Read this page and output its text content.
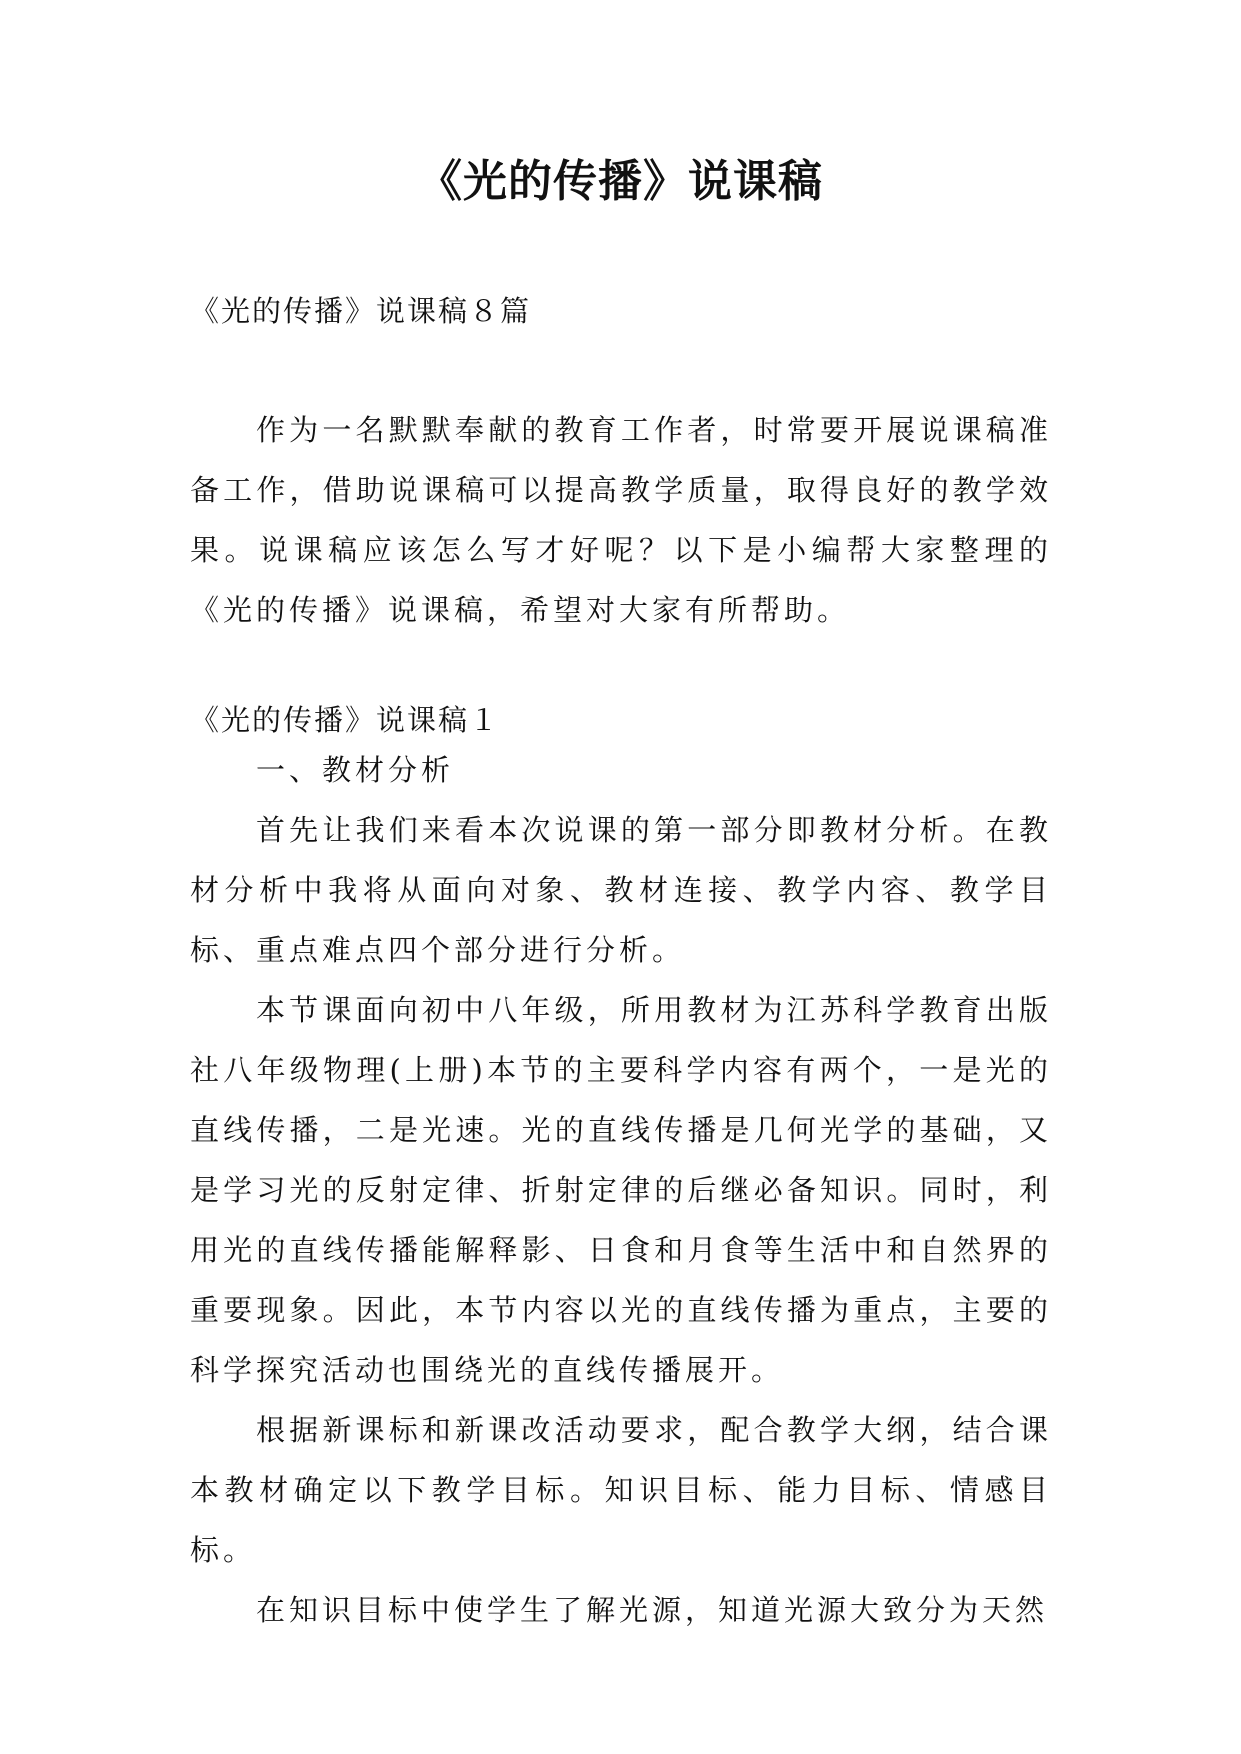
《光的传播》说课稿

《光的传播》说课稿８篇

作为一名默默奉献的教育工作者，时常要开展说课稿准备工作，借助说课稿可以提高教学质量，取得良好的教学效果。说课稿应该怎么写才好呢？以下是小编帮大家整理的《光的传播》说课稿，希望对大家有所帮助。

《光的传播》说课稿１

一、教材分析

首先让我们来看本次说课的第一部分即教材分析。在教材分析中我将从面向对象、教材连接、教学内容、教学目标、重点难点四个部分进行分析。

本节课面向初中八年级，所用教材为江苏科学教育出版社八年级物理(上册)本节的主要科学内容有两个，一是光的直线传播，二是光速。光的直线传播是几何光学的基础，又是学习光的反射定律、折射定律的后继必备知识。同时，利用光的直线传播能解释影、日食和月食等生活中和自然界的重要现象。因此，本节内容以光的直线传播为重点，主要的科学探究活动也围绕光的直线传播展开。

根据新课标和新课改活动要求，配合教学大纲，结合课本教材确定以下教学目标。知识目标、能力目标、情感目标。

在知识目标中使学生了解光源，知道光源大致分为天然
